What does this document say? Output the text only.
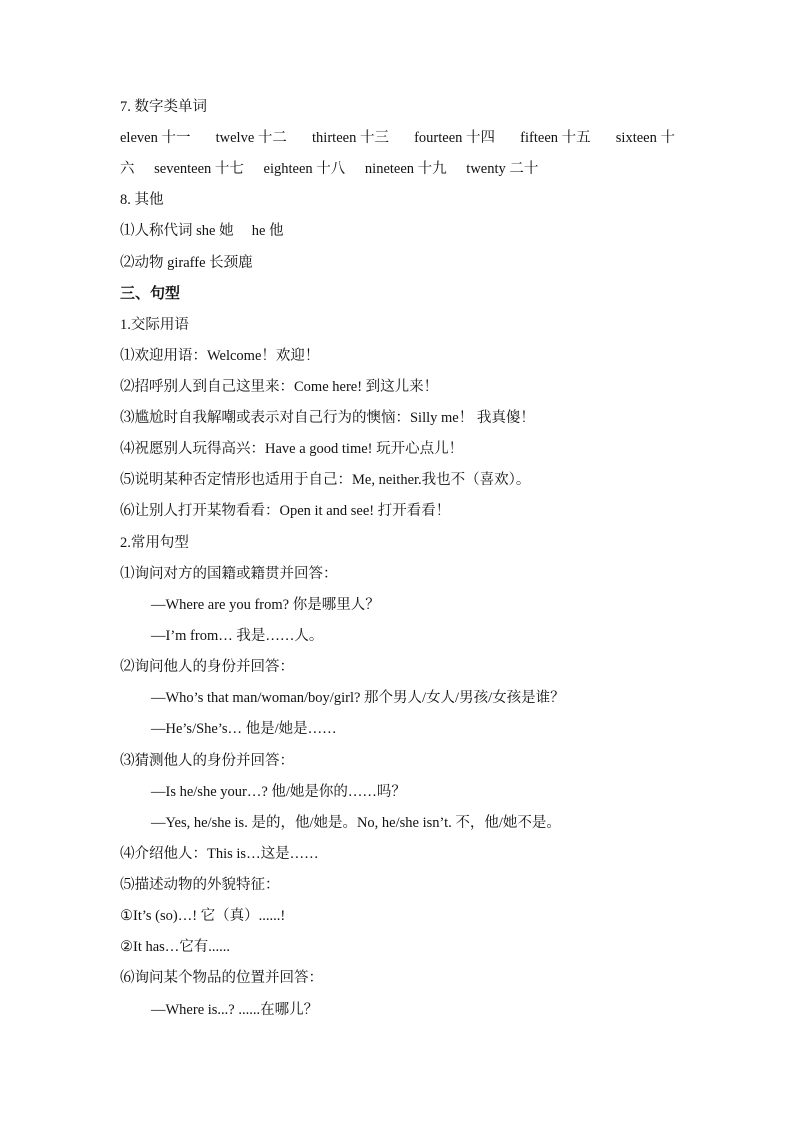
7. 数字类单词
eleven 十一 twelve 十二 thirteen 十三 fourteen 十四 fifteen 十五 sixteen 十
六 seventeen 十七 eighteen 十八 nineteen 十九 twenty 二十
8. 其他
⑴人称代词 she 她　 he 他
⑵动物 giraffe 长颈鹿
三、句型
1.交际用语
⑴欢迎用语：Welcome！欢迎！
⑵招呼别人到自己这里来：Come here! 到这儿来！
⑶尴尬时自我解嘲或表示对自己行为的懊恼：Silly me！ 我真傻！
⑷祝愿别人玩得高兴：Have a good time! 玩开心点儿！
⑸说明某种否定情形也适用于自己：Me, neither.我也不（喜欢）。
⑹让别人打开某物看看：Open it and see! 打开看看！
2.常用句型
⑴询问对方的国籍或籍贯并回答：
—Where are you from? 你是哪里人？
—I’m from… 我是……人。
⑵询问他人的身份并回答：
—Who’s that man/woman/boy/girl? 那个男人/女人/男孩/女孩是谁？
—He’s/She’s… 他是/她是……
⑶猜测他人的身份并回答：
—Is he/she your…? 他/她是你的……吗？
—Yes, he/she is. 是的，他/她是。No, he/she isn’t. 不，他/她不是。
⑷介绍他人：This is…这是……
⑸描述动物的外貌特征：
①It’s (so)…! 它（真）......!
②It has…它有......
⑹询问某个物品的位置并回答：
—Where is...? ......在哪儿？
